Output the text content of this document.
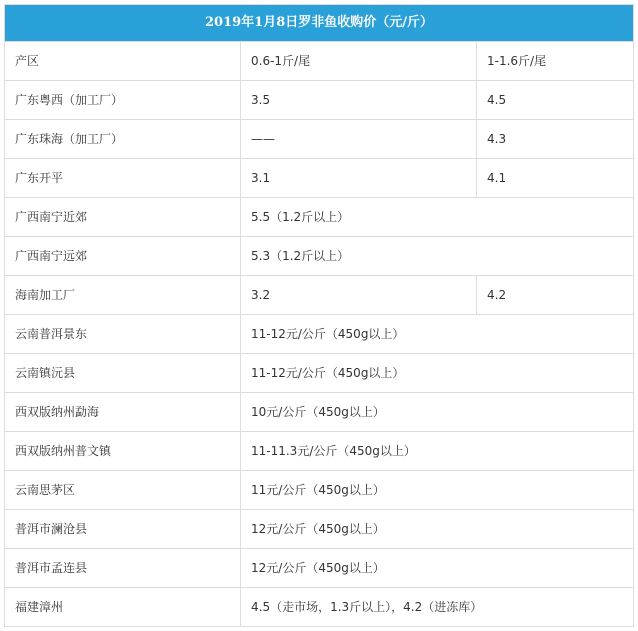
2019年1月8日罗非鱼收购价（元/斤）		
产区	0.6-1斤/尾	1-1.6斤/尾
广东粤西（加工厂）	3.5	4.5
广东珠海（加工厂）	——	4.3
广东开平	3.1	4.1
广西南宁近郊	5.5（1.2斤以上）	
广西南宁远郊	5.3（1.2斤以上）	
海南加工厂	3.2	4.2
云南普洱景东	11-12元/公斤（450g以上）	
云南镇沅县	11-12元/公斤（450g以上）	
西双版纳州勐海	10元/公斤（450g以上）	
西双版纳州普文镇	11-11.3元/公斤（450g以上）	
云南思茅区	11元/公斤（450g以上）	
普洱市澜沧县	12元/公斤（450g以上）	
普洱市孟连县	12元/公斤（450g以上）	
福建漳州	4.5（走市场，1.3斤以上），4.2（进冻库）	
